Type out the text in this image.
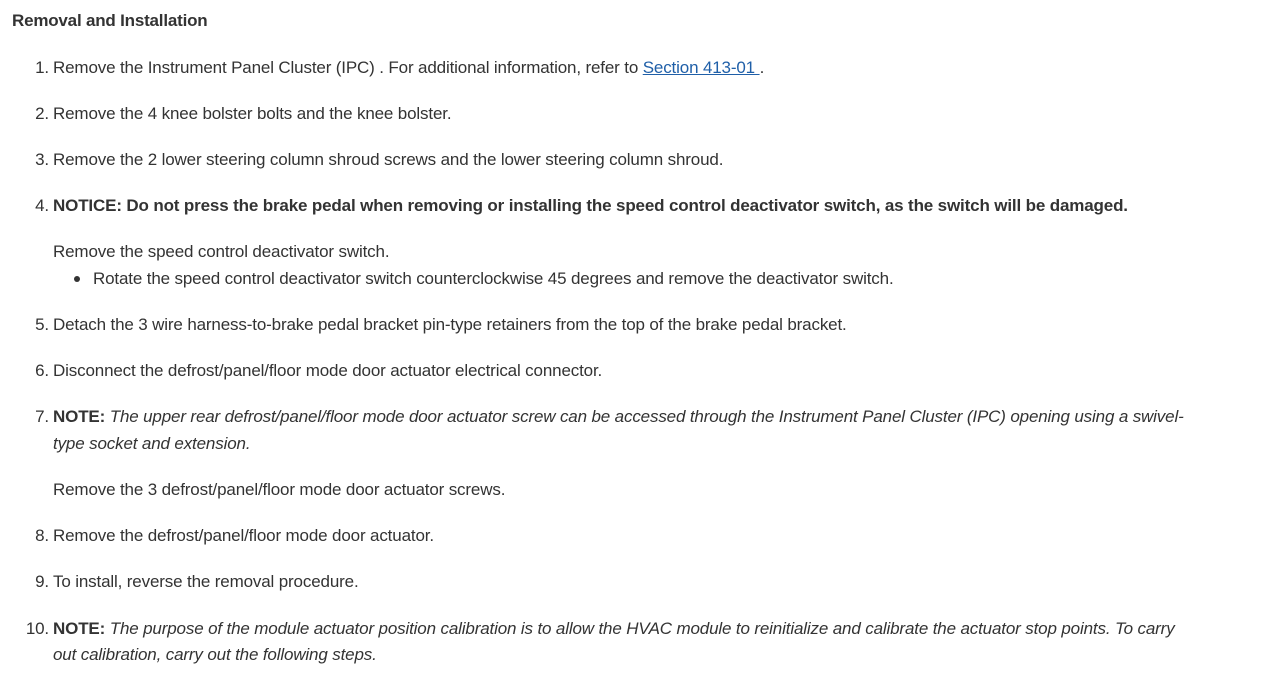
Removal and Installation
1. Remove the Instrument Panel Cluster (IPC) . For additional information, refer to Section 413-01 .
2. Remove the 4 knee bolster bolts and the knee bolster.
3. Remove the 2 lower steering column shroud screws and the lower steering column shroud.
4. NOTICE: Do not press the brake pedal when removing or installing the speed control deactivator switch, as the switch will be damaged.
Remove the speed control deactivator switch.
Rotate the speed control deactivator switch counterclockwise 45 degrees and remove the deactivator switch.
5. Detach the 3 wire harness-to-brake pedal bracket pin-type retainers from the top of the brake pedal bracket.
6. Disconnect the defrost/panel/floor mode door actuator electrical connector.
7. NOTE: The upper rear defrost/panel/floor mode door actuator screw can be accessed through the Instrument Panel Cluster (IPC) opening using a swivel-
type socket and extension.
Remove the 3 defrost/panel/floor mode door actuator screws.
8. Remove the defrost/panel/floor mode door actuator.
9. To install, reverse the removal procedure.
10. NOTE: The purpose of the module actuator position calibration is to allow the HVAC module to reinitialize and calibrate the actuator stop points. To carry
out calibration, carry out the following steps.
